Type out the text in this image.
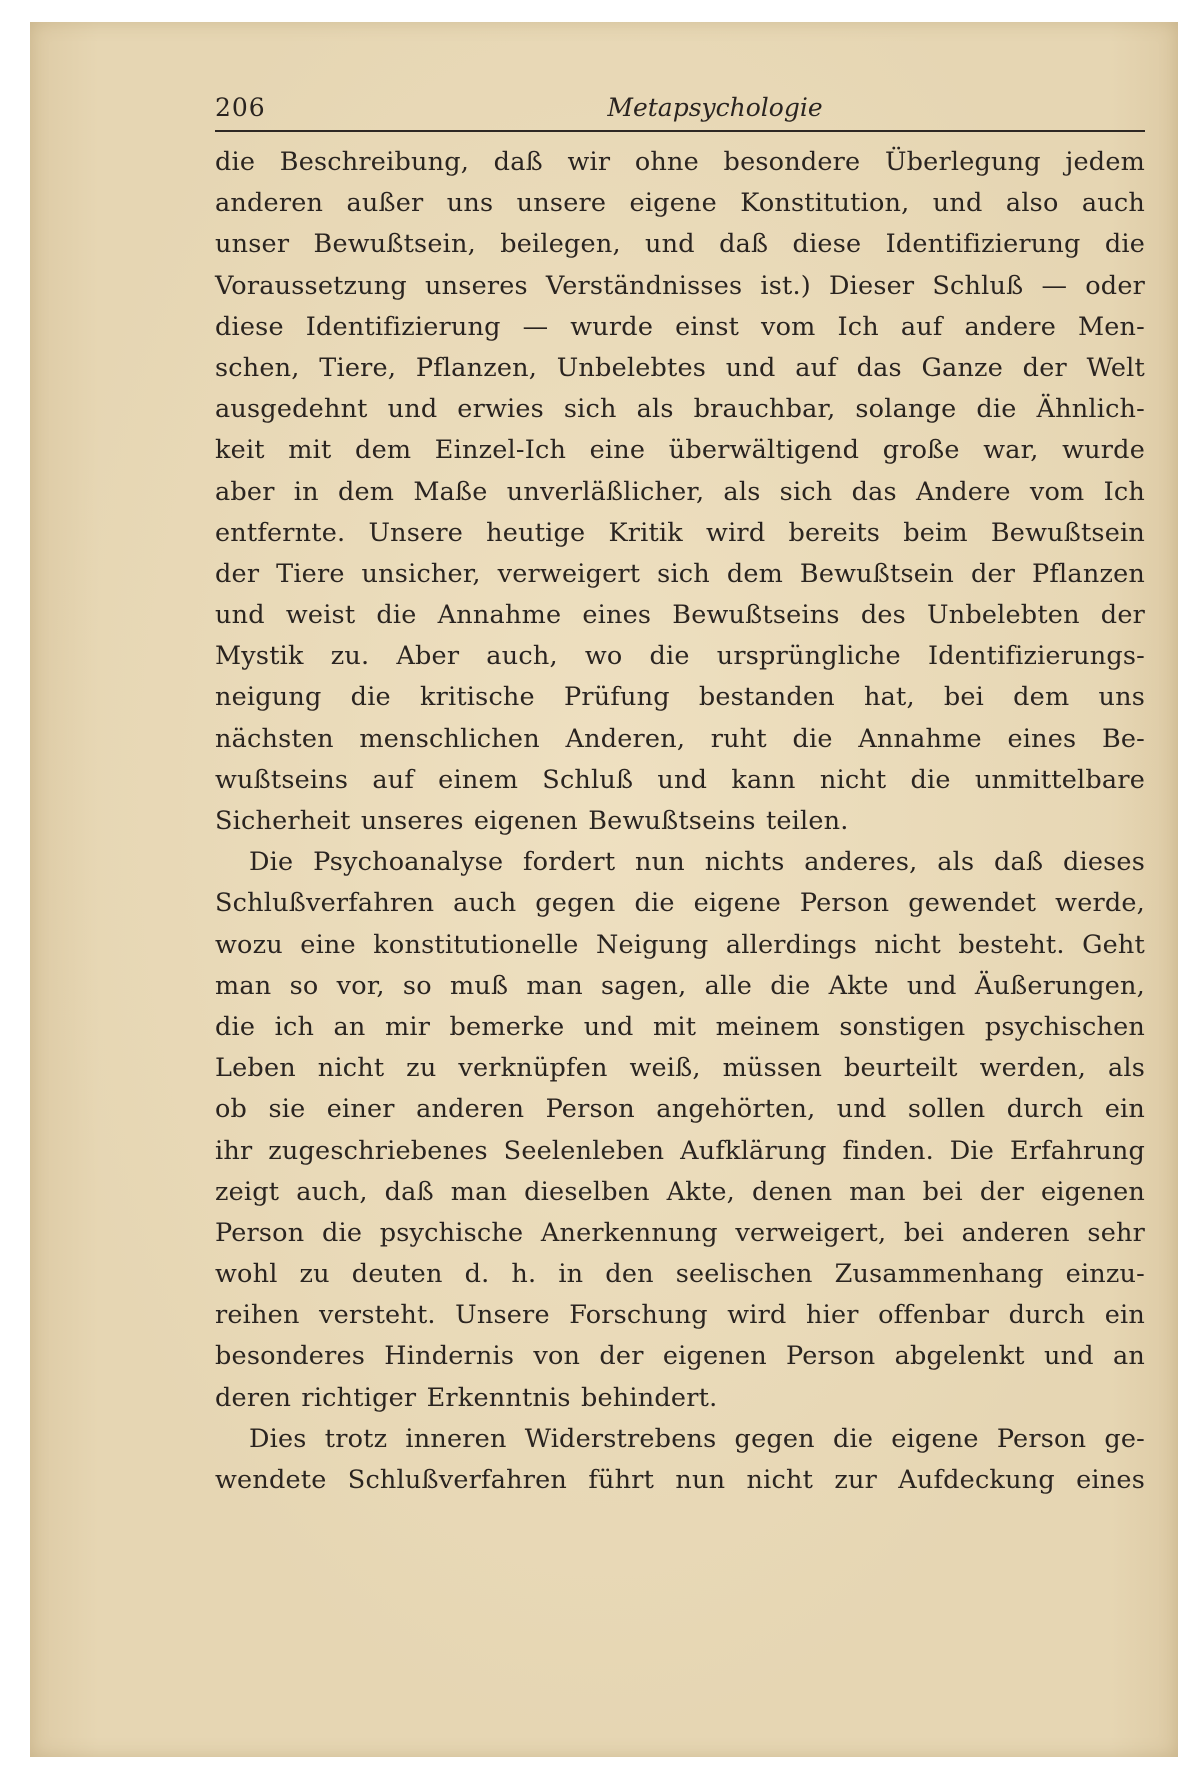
206	Metapsychologie
die Beschreibung, daß wir ohne besondere Überlegung jedem
anderen außer uns unsere eigene Konstitution, und also auch
unser Bewußtsein, beilegen, und daß diese Identifizierung die
Voraussetzung unseres Verständnisses ist.) Dieser Schluß — oder
diese Identifizierung — wurde einst vom Ich auf andere Men-
schen, Tiere, Pflanzen, Unbelebtes und auf das Ganze der Welt
ausgedehnt und erwies sich als brauchbar, solange die Ähnlich-
keit mit dem Einzel-Ich eine überwältigend große war, wurde
aber in dem Maße unverläßlicher, als sich das Andere vom Ich
entfernte. Unsere heutige Kritik wird bereits beim Bewußtsein
der Tiere unsicher, verweigert sich dem Bewußtsein der Pflanzen
und weist die Annahme eines Bewußtseins des Unbelebten der
Mystik zu. Aber auch, wo die ursprüngliche Identifizierungs-
neigung die kritische Prüfung bestanden hat, bei dem uns
nächsten menschlichen Anderen, ruht die Annahme eines Be-
wußtseins auf einem Schluß und kann nicht die unmittelbare
Sicherheit unseres eigenen Bewußtseins teilen.
Die Psychoanalyse fordert nun nichts anderes, als daß dieses
Schlußverfahren auch gegen die eigene Person gewendet werde,
wozu eine konstitutionelle Neigung allerdings nicht besteht. Geht
man so vor, so muß man sagen, alle die Akte und Äußerungen,
die ich an mir bemerke und mit meinem sonstigen psychischen
Leben nicht zu verknüpfen weiß, müssen beurteilt werden, als
ob sie einer anderen Person angehörten, und sollen durch ein
ihr zugeschriebenes Seelenleben Aufklärung finden. Die Erfahrung
zeigt auch, daß man dieselben Akte, denen man bei der eigenen
Person die psychische Anerkennung verweigert, bei anderen sehr
wohl zu deuten d. h. in den seelischen Zusammenhang einzu-
reihen versteht. Unsere Forschung wird hier offenbar durch ein
besonderes Hindernis von der eigenen Person abgelenkt und an
deren richtiger Erkenntnis behindert.
Dies trotz inneren Widerstrebens gegen die eigene Person ge-
wendete Schlußverfahren führt nun nicht zur Aufdeckung eines
